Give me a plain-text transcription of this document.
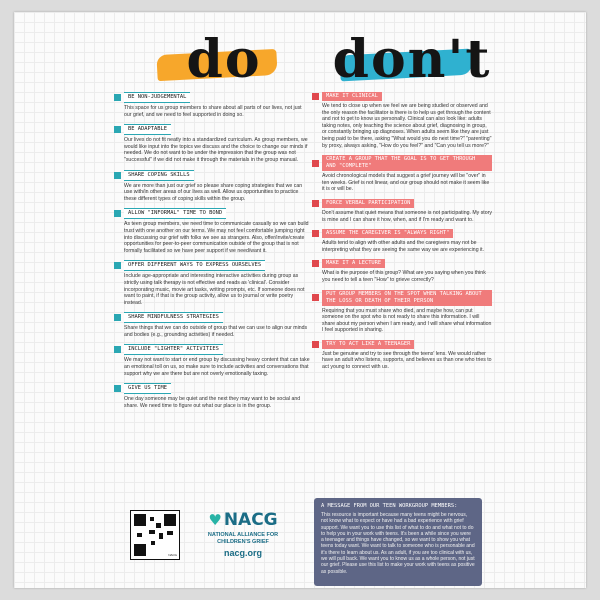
do	don't
BE NON-JUDGEMENTAL
This space for us group members to share about all parts of our lives, not just our grief, and we need to feel supported in doing so.
BE ADAPTABLE
Our lives do not fit neatly into a standardized curriculum. As group members, we would like input into the topics we discuss and the choice to change our minds if needed. We do not want to be under the impression that the group was not "successful" if we did not make it through the materials in the group manual.
SHARE COPING SKILLS
We are more than just our grief so please share coping strategies that we can use with/in other areas of our lives as well. Allow us opportunities to practice these different types of coping skills within the group.
ALLOW "INFORMAL" TIME TO BOND
As teen group members, we need time to communicate casually so we can build trust with one another on our terms. We may not feel comfortable jumping right into discussing our grief with folks we see as strangers. Also, offer/invite/create opportunities for peer-to-peer communication outside of the group that is not formally facilitated so we have peer support if we need/want it.
OFFER DIFFERENT WAYS TO EXPRESS OURSELVES
Include age-appropriate and interesting interactive activities during group as strictly using talk therapy is not effective and reads as 'clinical'. Consider incorporating music, movie art tasks, writing prompts, etc. If someone does not want to paint, if that is the group activity, allow us to journal or write poetry instead.
SHARE MINDFULNESS STRATEGIES
Share things that we can do outside of group that we can use to align our minds and bodies (e.g., grounding activities) if needed.
INCLUDE "LIGHTER" ACTIVITIES
We may not want to start or end group by discussing heavy content that can take an emotional toll on us, so make sure to include activities and conversations that support why we are there but are not overly emotionally taxing.
GIVE US TIME
One day someone may be quiet and the next they may want to be social and share. We need time to figure out what our place is in the group.
MAKE IT CLINICAL
We tend to close up when we feel we are being studied or observed and the only reason the facilitator is there is to help us get through the content and not to get to know us personally. Clinical can also look like: adults taking notes, only teaching the science about grief, diagnosing in group, or constantly bringing up diagnoses. When adults seem like they are just being paid to be there, asking "What would you do next time?" "parenting" by proxy, always asking, "How do you feel?" and "Can you tell us more?"
CREATE A GROUP THAT THE GOAL IS TO GET THROUGH AND "COMPLETE"
Avoid chronological models that suggest a grief journey will be "over" in ten weeks. Grief is not linear, and our group should not make it seem like it is or will be.
FORCE VERBAL PARTICIPATION
Don't assume that quiet means that someone is not participating. My story is mine and I can share it how, when, and if I'm ready and want to.
ASSUME THE CAREGIVER IS "ALWAYS RIGHT"
Adults tend to align with other adults and the caregivers may not be interpreting what they are seeing the same way we are experiencing it.
MAKE IT A LECTURE
What is the purpose of this group? What are you saying when you think you need to tell a teen "How" to grieve correctly?
PUT GROUP MEMBERS ON THE SPOT WHEN TALKING ABOUT THE LOSS OR DEATH OF THEIR PERSON
Requiring that you must share who died, and maybe how, can put someone on the spot who is not ready to share this information. I will share about my person when I am ready, and I will share what information I feel supported in sharing.
TRY TO ACT LIKE A TEENAGER
Just be genuine and try to see through the teens' lens. We would rather have an adult who listens, supports, and believes us than one who tries to act young to connect with us.
NACG
♥ NACG
NATIONAL ALLIANCE FOR
CHILDREN'S GRIEF
nacg.org
A MESSAGE FROM OUR TEEN WORKGROUP MEMBERS:
This resource is important because many teens might be nervous, not know what to expect or have had a bad experience with grief support. We want you to use this list of what to do and what not to do to help you in your work with teens. It's been a while since you were a teenager and things have changed, so we want to show you what teens today want. We want to talk to someone who is personable and it's there to learn about us. As an adult, if you are too clinical with us, we will pull back. We want you to know us as a whole person, not just our grief. Please use this list to make your work with teens as positive as possible.
